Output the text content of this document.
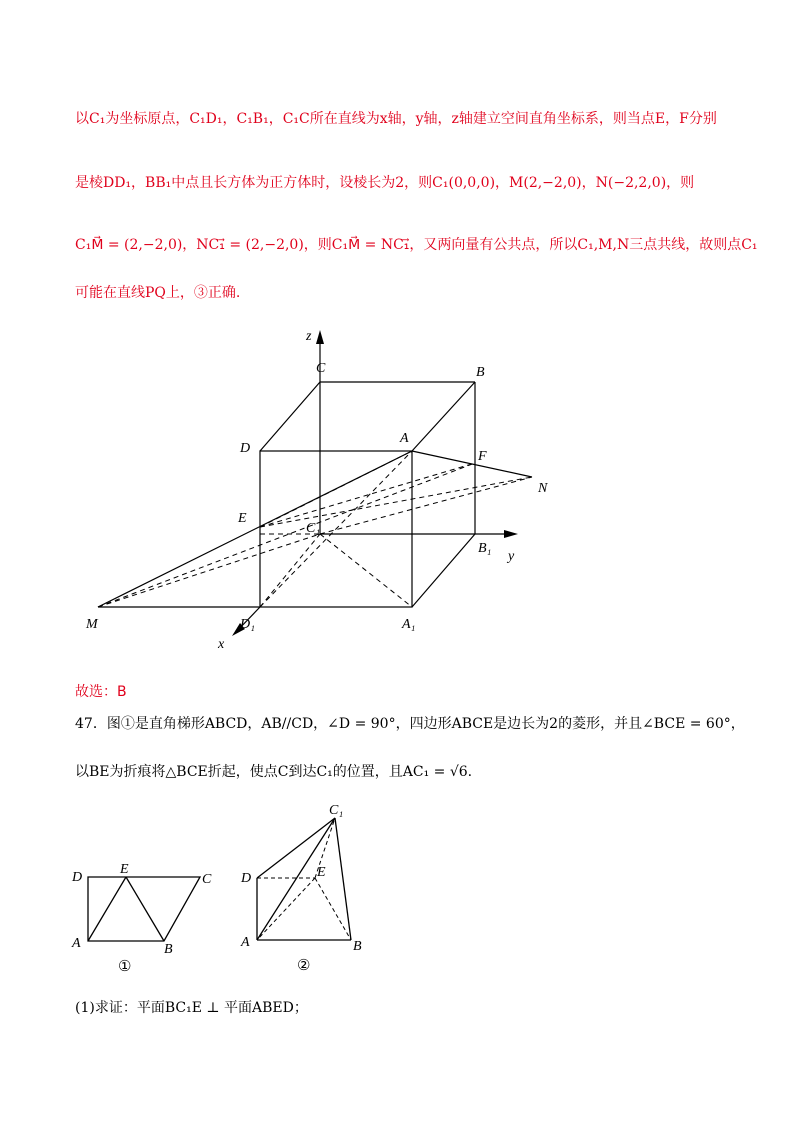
以C₁为坐标原点，C₁D₁，C₁B₁，C₁C所在直线为x轴，y轴，z轴建立空间直角坐标系，则当点E，F分别
是棱DD₁，BB₁中点且长方体为正方体时，设棱长为2，则C₁(0,0,0)，M(2,−2,0)，N(−2,2,0)，则
C₁M⃗ = (2,−2,0)，NC₁⃗ = (2,−2,0)，则C₁M⃗ = NC₁⃗，又两向量有公共点，所以C₁,M,N三点共线，故则点C₁
可能在直线PQ上，③正确.
z
C	B
D
A
F
N
E
C₁
B₁
y
M	D₁	A₁
x
故选：B
47．图①是直角梯形ABCD，AB//CD，∠D = 90°，四边形ABCE是边长为2的菱形，并且∠BCE = 60°，
以BE为折痕将△BCE折起，使点C到达C₁的位置，且AC₁ = √6.
D
E
C
A	B
①
C₁
D	E
A	B
②
(1)求证：平面BC₁E ⊥ 平面ABED；
